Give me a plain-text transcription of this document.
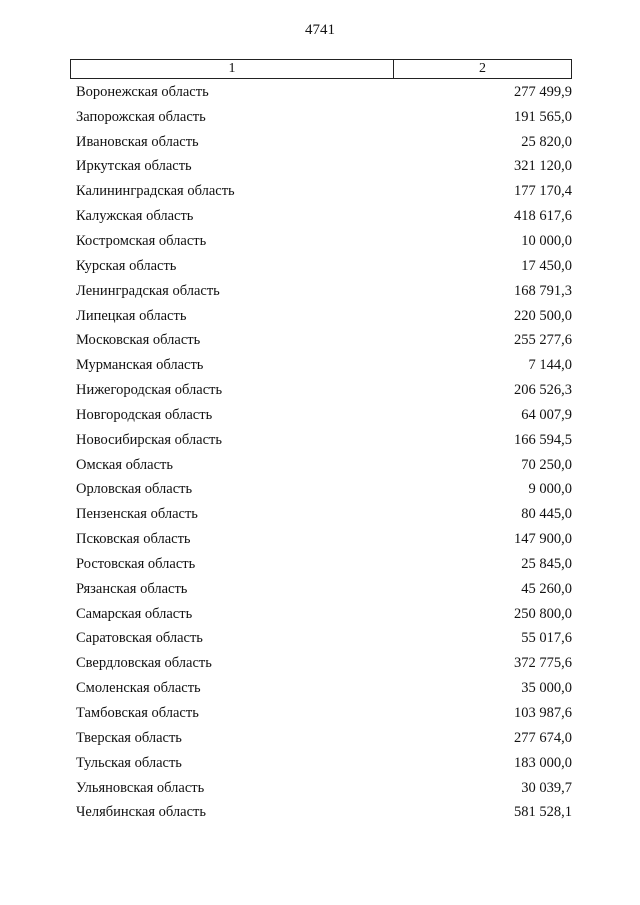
4741
1	2
Воронежская область	277 499,9
Запорожская область	191 565,0
Ивановская область	25 820,0
Иркутская область	321 120,0
Калининградская область	177 170,4
Калужская область	418 617,6
Костромская область	10 000,0
Курская область	17 450,0
Ленинградская область	168 791,3
Липецкая область	220 500,0
Московская область	255 277,6
Мурманская область	7 144,0
Нижегородская область	206 526,3
Новгородская область	64 007,9
Новосибирская область	166 594,5
Омская область	70 250,0
Орловская область	9 000,0
Пензенская область	80 445,0
Псковская область	147 900,0
Ростовская область	25 845,0
Рязанская область	45 260,0
Самарская область	250 800,0
Саратовская область	55 017,6
Свердловская область	372 775,6
Смоленская область	35 000,0
Тамбовская область	103 987,6
Тверская область	277 674,0
Тульская область	183 000,0
Ульяновская область	30 039,7
Челябинская область	581 528,1
